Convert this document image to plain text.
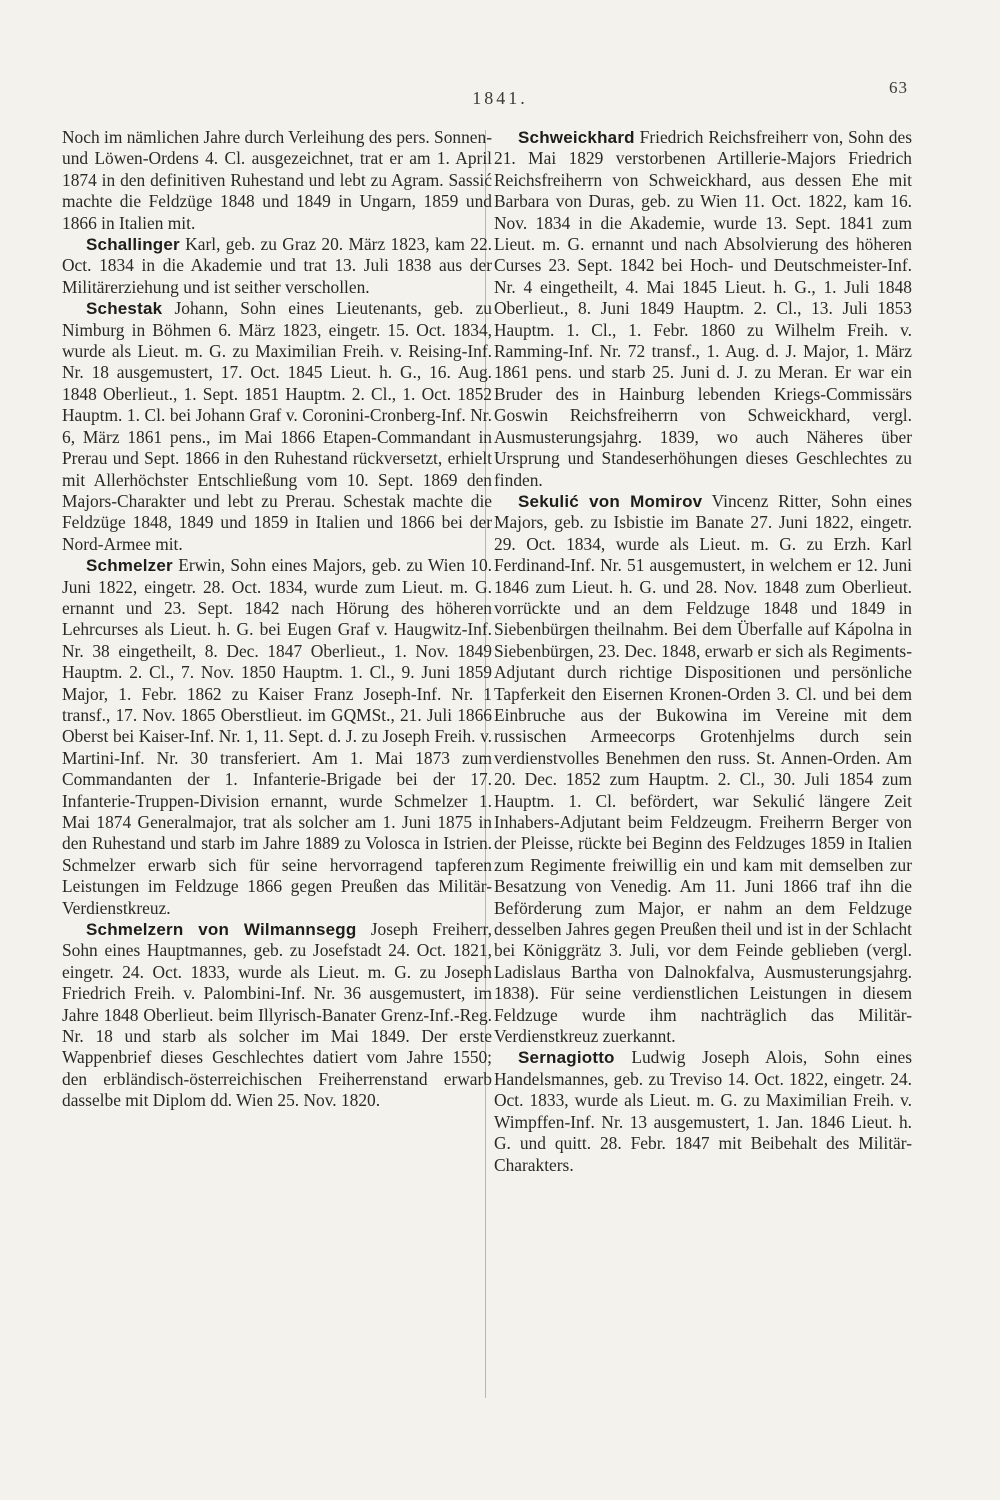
63
1841.

Noch im nämlichen Jahre durch Verleihung des pers. Sonnen- und Löwen-Ordens 4. Cl. ausgezeichnet, trat er am 1. April 1874 in den definitiven Ruhestand und lebt zu Agram. Sassić machte die Feldzüge 1848 und 1849 in Ungarn, 1859 und 1866 in Italien mit.

Schallinger Karl, geb. zu Graz 20. März 1823, kam 22. Oct. 1834 in die Akademie und trat 13. Juli 1838 aus der Militärerziehung und ist seither verschollen.

Schestak Johann, Sohn eines Lieutenants, geb. zu Nimburg in Böhmen 6. März 1823, eingetr. 15. Oct. 1834, wurde als Lieut. m. G. zu Maximilian Freih. v. Reising-Inf. Nr. 18 ausgemustert, 17. Oct. 1845 Lieut. h. G., 16. Aug. 1848 Oberlieut., 1. Sept. 1851 Hauptm. 2. Cl., 1. Oct. 1852 Hauptm. 1. Cl. bei Johann Graf v. Coronini-Cronberg-Inf. Nr. 6, März 1861 pens., im Mai 1866 Etapen-Commandant in Prerau und Sept. 1866 in den Ruhestand rückversetzt, erhielt mit Allerhöchster Entschließung vom 10. Sept. 1869 den Majors-Charakter und lebt zu Prerau. Schestak machte die Feldzüge 1848, 1849 und 1859 in Italien und 1866 bei der Nord-Armee mit.

Schmelzer Erwin, Sohn eines Majors, geb. zu Wien 10. Juni 1822, eingetr. 28. Oct. 1834, wurde zum Lieut. m. G. ernannt und 23. Sept. 1842 nach Hörung des höheren Lehrcurses als Lieut. h. G. bei Eugen Graf v. Haugwitz-Inf. Nr. 38 eingetheilt, 8. Dec. 1847 Oberlieut., 1. Nov. 1849 Hauptm. 2. Cl., 7. Nov. 1850 Hauptm. 1. Cl., 9. Juni 1859 Major, 1. Febr. 1862 zu Kaiser Franz Joseph-Inf. Nr. 1 transf., 17. Nov. 1865 Oberstlieut. im GQMSt., 21. Juli 1866 Oberst bei Kaiser-Inf. Nr. 1, 11. Sept. d. J. zu Joseph Freih. v. Martini-Inf. Nr. 30 transferiert. Am 1. Mai 1873 zum Commandanten der 1. Infanterie-Brigade bei der 17. Infanterie-Truppen-Division ernannt, wurde Schmelzer 1. Mai 1874 Generalmajor, trat als solcher am 1. Juni 1875 in den Ruhestand und starb im Jahre 1889 zu Volosca in Istrien. Schmelzer erwarb sich für seine hervorragend tapferen Leistungen im Feldzuge 1866 gegen Preußen das Militär-Verdienstkreuz.

Schmelzern von Wilmannsegg Joseph Freiherr, Sohn eines Hauptmannes, geb. zu Josefstadt 24. Oct. 1821, eingetr. 24. Oct. 1833, wurde als Lieut. m. G. zu Joseph Friedrich Freih. v. Palombini-Inf. Nr. 36 ausgemustert, im Jahre 1848 Oberlieut. beim Illyrisch-Banater Grenz-Inf.-Reg. Nr. 18 und starb als solcher im Mai 1849. Der erste Wappenbrief dieses Geschlechtes datiert vom Jahre 1550; den erbländisch-österreichischen Freiherrenstand erwarb dasselbe mit Diplom dd. Wien 25. Nov. 1820.

Schweickhard Friedrich Reichsfreiherr von, Sohn des 21. Mai 1829 verstorbenen Artillerie-Majors Friedrich Reichsfreiherrn von Schweickhard, aus dessen Ehe mit Barbara von Duras, geb. zu Wien 11. Oct. 1822, kam 16. Nov. 1834 in die Akademie, wurde 13. Sept. 1841 zum Lieut. m. G. ernannt und nach Absolvierung des höheren Curses 23. Sept. 1842 bei Hoch- und Deutschmeister-Inf. Nr. 4 eingetheilt, 4. Mai 1845 Lieut. h. G., 1. Juli 1848 Oberlieut., 8. Juni 1849 Hauptm. 2. Cl., 13. Juli 1853 Hauptm. 1. Cl., 1. Febr. 1860 zu Wilhelm Freih. v. Ramming-Inf. Nr. 72 transf., 1. Aug. d. J. Major, 1. März 1861 pens. und starb 25. Juni d. J. zu Meran. Er war ein Bruder des in Hainburg lebenden Kriegs-Commissärs Goswin Reichsfreiherrn von Schweickhard, vergl. Ausmusterungsjahrg. 1839, wo auch Näheres über Ursprung und Standeserhöhungen dieses Geschlechtes zu finden.

Sekulić von Momirov Vincenz Ritter, Sohn eines Majors, geb. zu Isbistie im Banate 27. Juni 1822, eingetr. 29. Oct. 1834, wurde als Lieut. m. G. zu Erzh. Karl Ferdinand-Inf. Nr. 51 ausgemustert, in welchem er 12. Juni 1846 zum Lieut. h. G. und 28. Nov. 1848 zum Oberlieut. vorrückte und an dem Feldzuge 1848 und 1849 in Siebenbürgen theilnahm. Bei dem Überfalle auf Kápolna in Siebenbürgen, 23. Dec. 1848, erwarb er sich als Regiments-Adjutant durch richtige Dispositionen und persönliche Tapferkeit den Eisernen Kronen-Orden 3. Cl. und bei dem Einbruche aus der Bukowina im Vereine mit dem russischen Armeecorps Grotenhjelms durch sein verdienstvolles Benehmen den russ. St. Annen-Orden. Am 20. Dec. 1852 zum Hauptm. 2. Cl., 30. Juli 1854 zum Hauptm. 1. Cl. befördert, war Sekulić längere Zeit Inhabers-Adjutant beim Feldzeugm. Freiherrn Berger von der Pleisse, rückte bei Beginn des Feldzuges 1859 in Italien zum Regimente freiwillig ein und kam mit demselben zur Besatzung von Venedig. Am 11. Juni 1866 traf ihn die Beförderung zum Major, er nahm an dem Feldzuge desselben Jahres gegen Preußen theil und ist in der Schlacht bei Königgrätz 3. Juli, vor dem Feinde geblieben (vergl. Ladislaus Bartha von Dalnokfalva, Ausmusterungsjahrg. 1838). Für seine verdienstlichen Leistungen in diesem Feldzuge wurde ihm nachträglich das Militär-Verdienstkreuz zuerkannt.

Sernagiotto Ludwig Joseph Alois, Sohn eines Handelsmannes, geb. zu Treviso 14. Oct. 1822, eingetr. 24. Oct. 1833, wurde als Lieut. m. G. zu Maximilian Freih. v. Wimpffen-Inf. Nr. 13 ausgemustert, 1. Jan. 1846 Lieut. h. G. und quitt. 28. Febr. 1847 mit Beibehalt des Militär-Charakters.
